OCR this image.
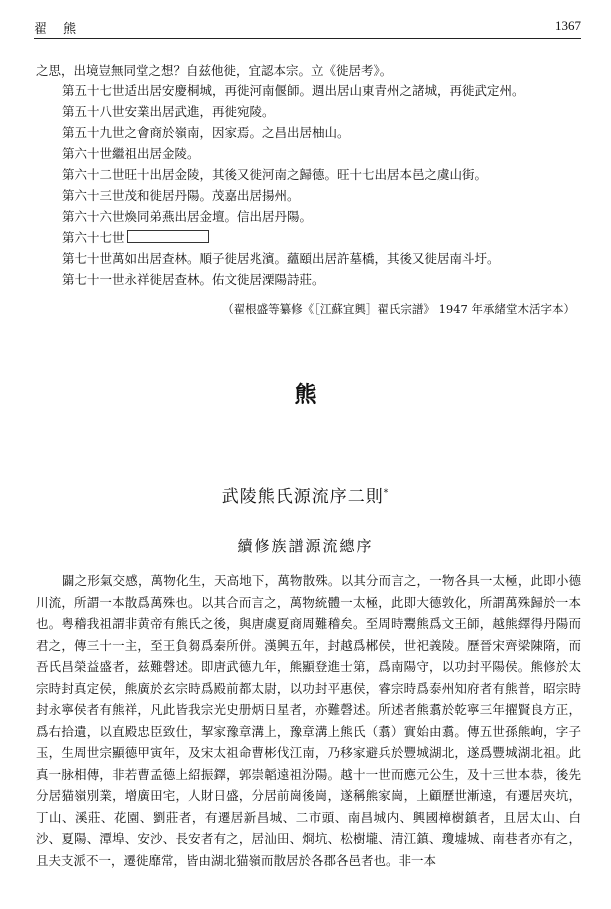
翟 熊	1367
之思，出境豈無同堂之想？自兹他徙，宜認本宗。立《徙居考》。
第五十七世适出居安慶桐城，再徙河南偃師。週出居山東青州之諸城，再徙武定州。
第五十八世安業出居武進，再徙宛陵。
第五十九世之會商於嶺南，因家焉。之昌出居柚山。
第六十世繼祖出居金陵。
第六十二世旺十出居金陵，其後又徙河南之歸德。旺十七出居本邑之虞山街。
第六十三世茂和徙居丹陽。茂嘉出居揚州。
第六十六世煥同弟燕出居金壇。信出居丹陽。
第六十七世
第七十世萬如出居查林。順子徙居兆濱。蘊頤出居許墓橋，其後又徙居南斗圩。
第七十一世永祥徙居查林。佑文徙居溧陽詩莊。
（翟根盛等纂修《［江蘇宜興］翟氏宗譜》 1947 年承緒堂木活字本）
熊
武陵熊氏源流序二則*
續修族譜源流總序
闢之形氣交感，萬物化生，天高地下，萬物散殊。以其分而言之，一物各具一太極，此即小德川流，所謂一本散爲萬殊也。以其合而言之，萬物統體一太極，此即大德敦化，所謂萬殊歸於一本也。粤稽我祖謂非黄帝有熊氏之後，與唐虞夏商周難稽矣。至周時鬻熊爲文王師，越熊繹得丹陽而君之，傳三十一主，至王負芻爲秦所併。漢興五年，封越爲郴侯，世祀義陵。歷晉宋齊梁陳隋，而吾氏昌榮益盛者，兹難磬述。即唐武德九年，熊顯登進士第，爲南陽守，以功封平陽侯。熊修於太宗時封真定侯，熊廣於玄宗時爲殿前都太尉，以功封平惠侯，睿宗時爲泰州知府者有熊普，昭宗時封永寧侯者有熊祥，凡此皆我宗光史册炳日星者，亦難磬述。所述者熊翥於乾寧三年擢賢良方正，爲右拾遺，以直殿忠臣致仕，挈家豫章溝上，豫章溝上熊氏（翥）實始由翥。傳五世孫熊峋，字子玉，生周世宗顯德甲寅年，及宋太祖命曹彬伐江南，乃移家避兵於豐城湖北，遂爲豐城湖北祖。此真一脉相傳，非若曹孟德上紹振鐸，郭崇韜遠祖汾陽。越十一世而應元公生，及十三世本恭，後先分居猫嶺別業，增廣田宅，人財日盛，分居前崗後崗，遂稱熊家崗，上顧歷世漸遠，有遷居夾坑，丁山、溪莊、花園、劉莊者，有遷居新昌城、二市頭、南昌城内、興國樟樹鎮者，且居太山、白沙、夏陽、潭埠、安沙、長安者有之，居汕田、烱坑、松樹壠、清江鎮、瓊墟城、南巷者亦有之，且夫支派不一，遷徙靡常，皆由湖北猫嶺而散居於各郡各邑者也。非一本
